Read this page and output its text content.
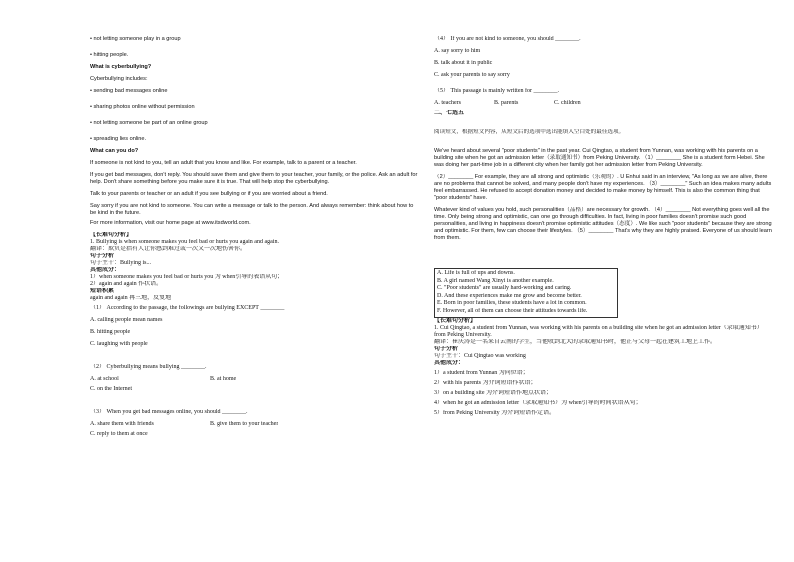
• not letting someone play in a group
• hitting people.
What is cyberbullying?
Cyberbullying includes:
• sending bad messages online
• sharing photos online without permission
• not letting someone be part of an online group
• spreading lies online.
What can you do?
If someone is not kind to you, tell an adult that you know and like. For example, talk to a parent or a teacher.
If you get bad messages, don't reply. You should save them and give them to your teacher, your family, or the police. Ask an adult for help. Don't share something before you make sure it is true. That will help stop the cyberbullying.
Talk to your parents or teacher or an adult if you see bullying or if you are worried about a friend.
Say sorry if you are not kind to someone. You can write a message or talk to the person. And always remember: think about how to be kind in the future.
For more information, visit our home page at www.itsdworld.com.
【长难句分析】
1. Bullying is when someone makes you feel bad or hurts you again and again.
翻译：欺负是指有人让你感到难过或一次又一次地伤害你。
句子分析
句子主干：Bullying is...
其他成分：
1）when someone makes you feel bad or hurts you 为 when引导的表语从句；
2）again and again 作状语。
短语积累
again and again 再三地，反复地
（1） According to the passage, the followings are bullying EXCEPT ________
A. calling people mean names
B. hitting people
C. laughing with people
（2） Cyberbullying means bullying ________.
A. at school	B. at home
C. on the Internet
（3） When you get bad messages online, you should ________.
A. share them with friends	B. give them to your teacher
C. reply to them at once
（4） If you are not kind to someone, you should ________.
A. say sorry to him
B. talk about it in public
C. ask your parents to say sorry
（5） This passage is mainly written for ________.
A. teachers	B. parents	C. children
二、七选五
阅读短文，根据短文内容，从短文后的选项中选出能填入空白处的最佳选项。
We've heard about several "poor students" in the past year. Cui Qingtao, a student from Yunnan, was working with his parents on a building site when he got an admission letter（录取通知书）from Peking University. （1）________ She is a student form Hebei. She was doing her part-time job in a different city when her family got her admission letter from Peking University.
（2）________ For example, they are all strong and optimistic（乐观的）. U Enhui said in an interview, "As long as we are alive, there are no problems that cannot be solved, and many people don't have my experiences. （3）________" Such an idea makes many adults feel embarrassed. He refused to accept donation money and decided to make money by himself. This is also the common thing that "poor students" have.
Whatever kind of values you hold, such personalities（品格）are necessary for growth. （4）________ Not everything goes well all the time. Only being strong and optimistic, can one go through difficulties. In fact, living in poor families doesn't promise such good personalities, and living in happiness doesn't promise optimistic attitudes（态度）. We like such "poor students" because they are strong and optimistic. For them, few can choose their lifestyles. （5）________ That's why they are highly praised. Everyone of us should learn from them.
A. Life is full of ups and downs.
B. A girl named Wang Xinyi is another example.
C. "Poor students" are usually hard-working and caring.
D. And these experiences make me grow and become better.
E. Born in poor families, these students have a lot in common.
F. However, all of them can choose their attitudes towards life.
【长难句分析】
1. Cui Qingtao, a student from Yunnan, was working with his parents on a building site when he got an admission letter（录取通知书）from Peking University.
翻译：崔庆涛是一名来自云南的学生，当他收到北大的录取通知书时，他正与父母一起在建筑工地上工作。
句子分析
句子主干：Cui Qingtao was working
其他成分：
1）a student from Yunnan 为同位语；
2）with his parents 为介词短语作状语；
3）on a building site 为介词短语作地点状语；
4）when he got an admission letter（录取通知书）为 when引导的时间状语从句；
5）from Peking University 为介词短语作定语。
